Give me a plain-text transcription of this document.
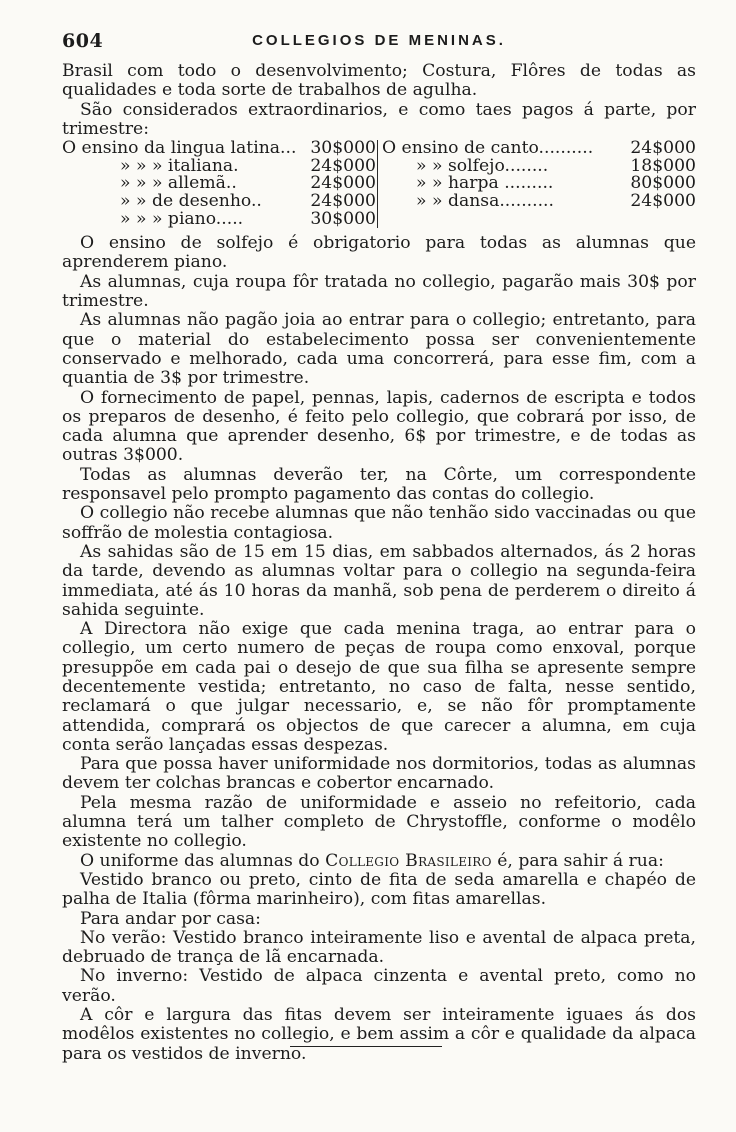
604	COLLEGIOS DE MENINAS.

Brasil com todo o desenvolvimento; Costura, Flôres de todas as qualidades e toda sorte de trabalhos de agulha.

São considerados extraordinarios, e como taes pagos á parte, por trimestre:

O ensino da lingua latina... 30$000
» » » italiana.	24$000
» » » allemã..	24$000
» » de desenho..	24$000
» » » piano.....	30$000
O ensino de canto.......... 24$000
» » solfejo........	18$000
» » harpa .........	80$000
» » dansa..........	24$000

O ensino de solfejo é obrigatorio para todas as alumnas que aprenderem piano.

As alumnas, cuja roupa fôr tratada no collegio, pagarão mais 30$ por trimestre.

As alumnas não pagão joia ao entrar para o collegio; entretanto, para que o material do estabelecimento possa ser convenientemente conservado e melhorado, cada uma concorrerá, para esse fim, com a quantia de 3$ por trimestre.

O fornecimento de papel, pennas, lapis, cadernos de escripta e todos os preparos de desenho, é feito pelo collegio, que cobrará por isso, de cada alumna que aprender desenho, 6$ por trimestre, e de todas as outras 3$000.

Todas as alumnas deverão ter, na Côrte, um correspondente responsavel pelo prompto pagamento das contas do collegio.

O collegio não recebe alumnas que não tenhão sido vaccinadas ou que soffrão de molestia contagiosa.

As sahidas são de 15 em 15 dias, em sabbados alternados, ás 2 horas da tarde, devendo as alumnas voltar para o collegio na segunda-feira immediata, até ás 10 horas da manhã, sob pena de perderem o direito á sahida seguinte.

A Directora não exige que cada menina traga, ao entrar para o collegio, um certo numero de peças de roupa como enxoval, porque presuppõe em cada pai o desejo de que sua filha se apresente sempre decentemente vestida; entretanto, no caso de falta, nesse sentido, reclamará o que julgar necessario, e, se não fôr promptamente attendida, comprará os objectos de que carecer a alumna, em cuja conta serão lançadas essas despezas.

Para que possa haver uniformidade nos dormitorios, todas as alumnas devem ter colchas brancas e cobertor encarnado.

Pela mesma razão de uniformidade e asseio no refeitorio, cada alumna terá um talher completo de Chrystoffle, conforme o modêlo existente no collegio.

O uniforme das alumnas do Collegio Brasileiro é, para sahir á rua:

Vestido branco ou preto, cinto de fita de seda amarella e chapéo de palha de Italia (fôrma marinheiro), com fitas amarellas.

Para andar por casa:

No verão: Vestido branco inteiramente liso e avental de alpaca preta, debruado de trança de lã encarnada.

No inverno: Vestido de alpaca cinzenta e avental preto, como no verão.

A côr e largura das fitas devem ser inteiramente iguaes ás dos modêlos existentes no collegio, e bem assim a côr e qualidade da alpaca para os vestidos de inverno.
